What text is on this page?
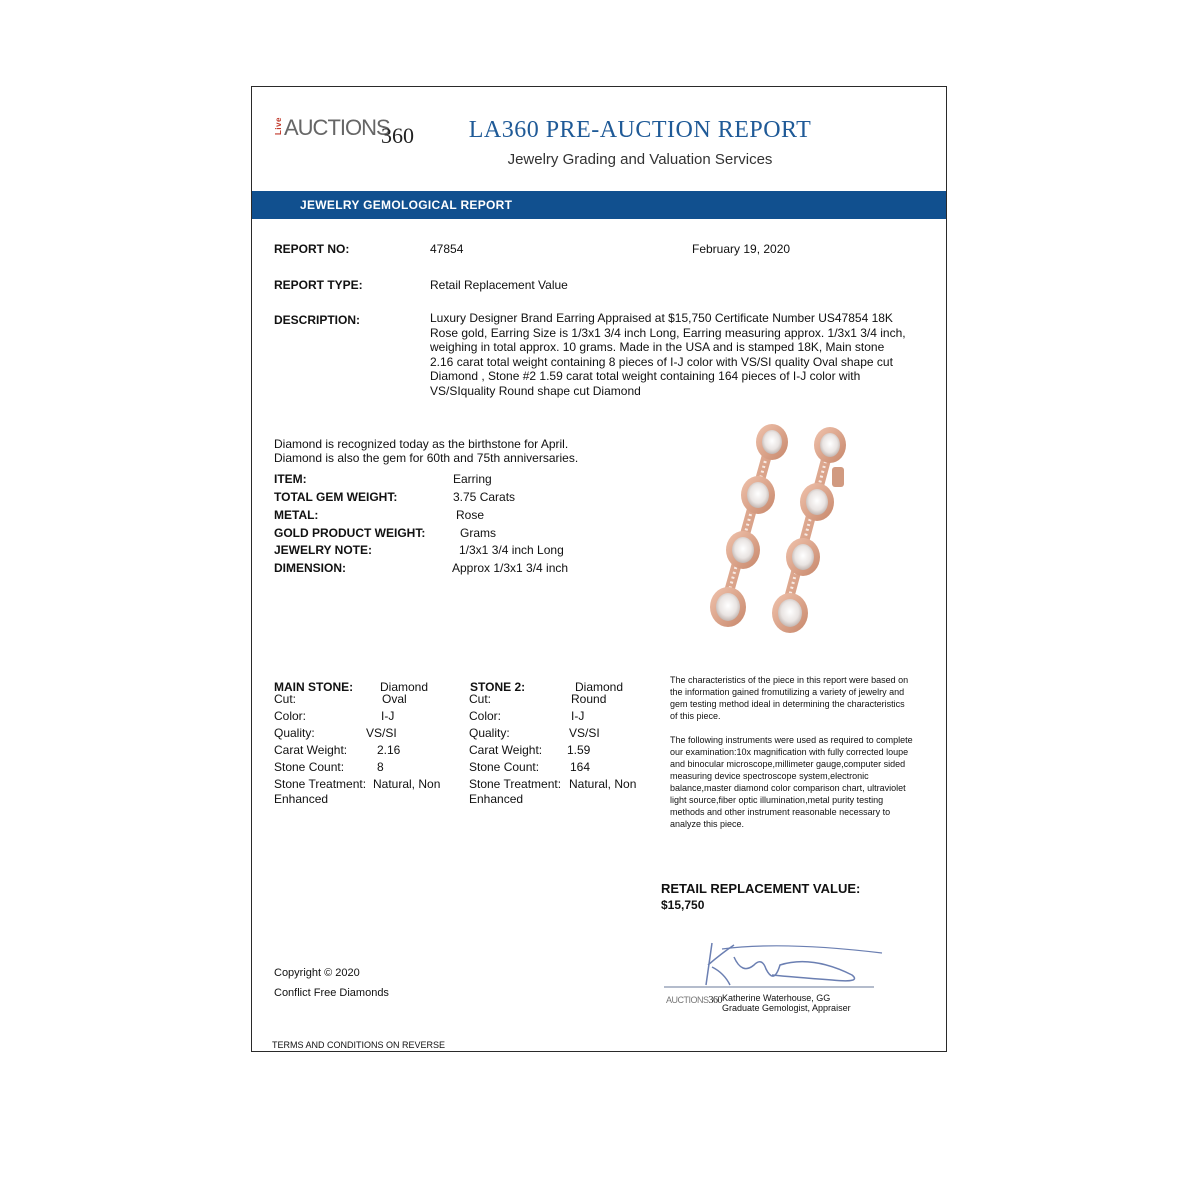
Live AUCTIONS
360	LA360 PRE-AUCTION REPORT
Jewelry Grading and Valuation Services
JEWELRY GEMOLOGICAL REPORT
REPORT NO:	47854	February 19, 2020
REPORT TYPE:	Retail Replacement Value
DESCRIPTION:	Luxury Designer Brand Earring Appraised at $15,750 Certificate Number US47854 18K Rose gold, Earring Size is 1/3x1 3/4 inch Long, Earring measuring approx. 1/3x1 3/4 inch, weighing in total approx. 10 grams. Made in the USA and is stamped 18K, Main stone 2.16 carat total weight containing 8 pieces of I-J color with VS/SI quality Oval shape cut Diamond , Stone #2 1.59 carat total weight containing 164 pieces of I-J color with VS/SIquality Round shape cut Diamond
Diamond is recognized today as the birthstone for April.
Diamond is also the gem for 60th and 75th anniversaries.
ITEM:	Earring
TOTAL GEM WEIGHT:	3.75 Carats
METAL:	Rose
GOLD PRODUCT WEIGHT:	Grams
JEWELRY NOTE:	1/3x1 3/4 inch Long
DIMENSION:	Approx 1/3x1 3/4 inch
MAIN STONE: Diamond
Cut:	Oval
Color:	I-J
Quality:	VS/SI
Carat Weight: 2.16
Stone Count:	8
Stone Treatment: Natural, Non
Enhanced
STONE 2:	Diamond
Cut:	Round
Color:	I-J
Quality:	VS/SI
Carat Weight: 1.59
Stone Count:	164
Stone Treatment: Natural, Non
Enhanced
The characteristics of the piece in this report were based on the information gained fromutilizing a variety of jewelry and gem testing method ideal in determining the characteristics of this piece.
The following instruments were used as required to complete our examination:10x magnification with fully corrected loupe and binocular microscope,millimeter gauge,computer sided measuring device spectroscope system,electronic balance,master diamond color comparison chart, ultraviolet light source,fiber optic illumination,metal purity testing methods and other instrument reasonable necessary to analyze this piece.
RETAIL REPLACEMENT VALUE:
$15,750
AUCTIONS360 Katherine Waterhouse, GG
Graduate Gemologist, Appraiser
Copyright © 2020
Conflict Free Diamonds
TERMS AND CONDITIONS ON REVERSE
